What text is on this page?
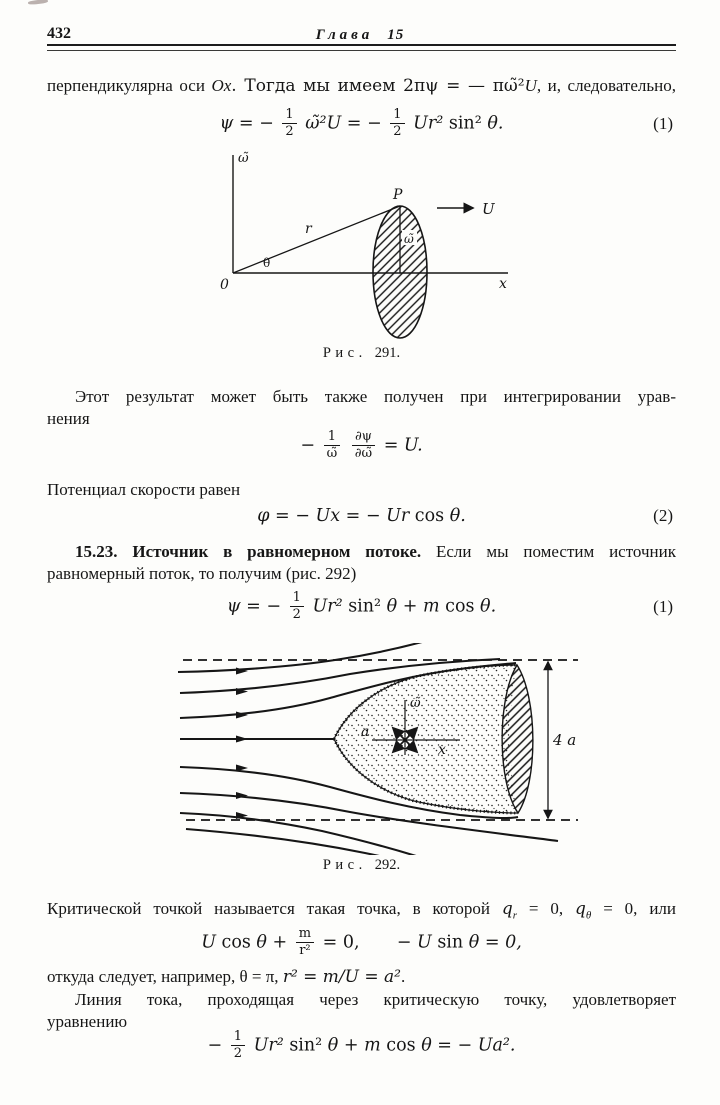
432	Глава 15
перпендикулярна оси Ox. Тогда мы имеем 2πψ = — πω̃²U, и, следовательно,
ψ = − $\frac{1}{2}$ ω̃²U = − $\frac{1}{2} Ur^2$ sin² θ.	(1)
ω̃
x
0
P
r
θ
ω̃
U
Рис. 291.
Этот результат может быть также получен при интегрировании урав-
нения
− $\frac{1}{\omegã}$
$\frac{\partial\psi}{\partial\omegã} = U$.
Потенциал скорости равен
φ = − Ux = − Ur cos θ.	(2)
15.23. Источник в равномерном потоке. Если мы поместим источник
равномерный поток, то получим (рис. 292)
ψ = − $\frac{1}{2} Ur^2$ sin² θ + m cos θ.	(1)
4 a
ω̃
x
a
Рис. 292.
Критической точкой называется такая точка, в которой $q_r = 0$, $q_\theta = 0$, или
U $\cos \theta + \frac{m}{\text{r²}} = 0$, − U sin θ = 0,
откуда следует, например, θ = π, r² = m/U = a².
Линия тока, проходящая через критическую точку, удовлетворяет
уравнению
− $\frac{1}{2} Ur^2$ sin² θ + m cos θ = − Ua².
